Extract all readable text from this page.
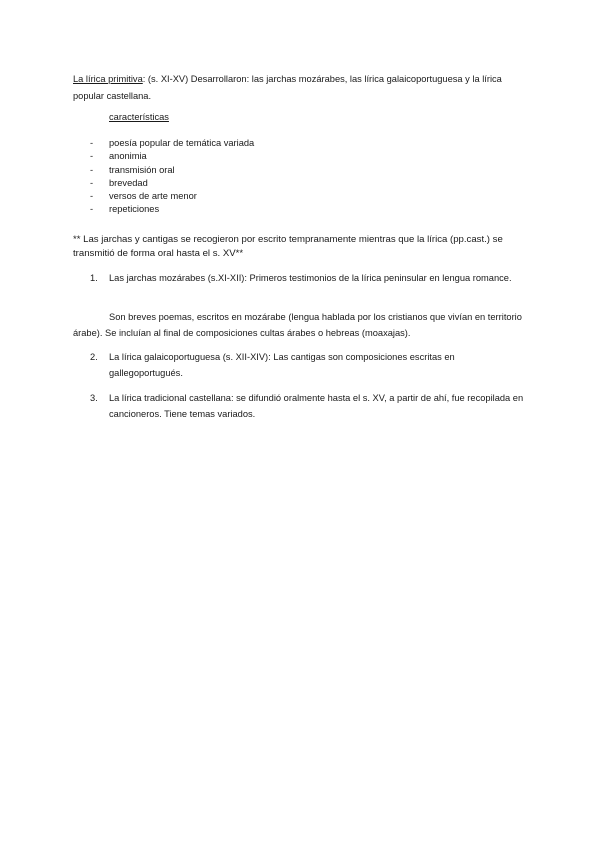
La lírica primitiva: (s. XI-XV) Desarrollaron: las jarchas mozárabes, las lírica galaicoportuguesa y la lírica popular castellana.
características
- poesía popular de temática variada
- anonimia
- transmisión oral
- brevedad
- versos de arte menor
- repeticiones
** Las jarchas y cantigas se recogieron por escrito tempranamente mientras que la lírica (pp.cast.) se transmitió de forma oral hasta el s. XV**
1.	Las jarchas mozárabes (s.XI-XII): Primeros testimonios de la lírica peninsular en lengua romance.
Son breves poemas, escritos en mozárabe (lengua hablada por los cristianos que vivían en territorio árabe). Se incluían al final de composiciones cultas árabes o hebreas (moaxajas).
2.	La lírica galaicoportuguesa (s. XII-XIV): Las cantigas son composiciones escritas en gallegoportugués.
3.	La lírica tradicional castellana: se difundió oralmente hasta el s. XV, a partir de ahí, fue recopilada en cancioneros. Tiene temas variados.
